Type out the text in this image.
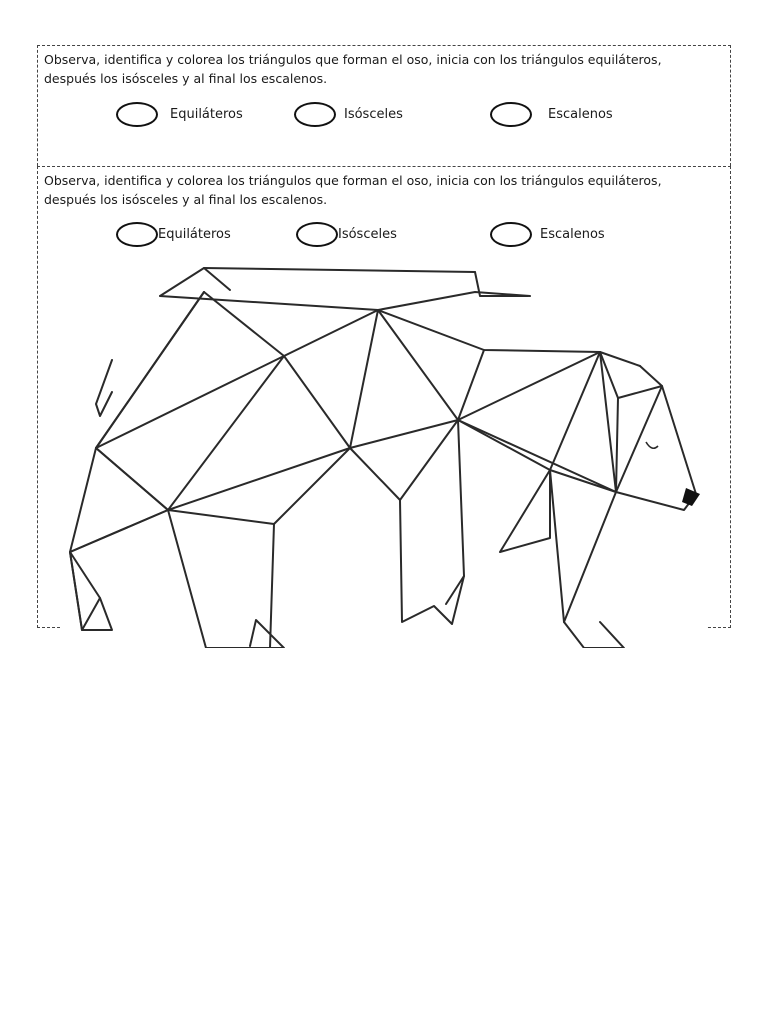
Observa, identifica y colorea los triángulos que forman el oso, inicia con los triángulos equiláteros, después los isósceles y al final los escalenos.

Equiláteros	Isósceles	Escalenos

Observa, identifica y colorea los triángulos que forman el oso, inicia con los triángulos equiláteros, después los isósceles y al final los escalenos.

Equiláteros	Isósceles	Escalenos
